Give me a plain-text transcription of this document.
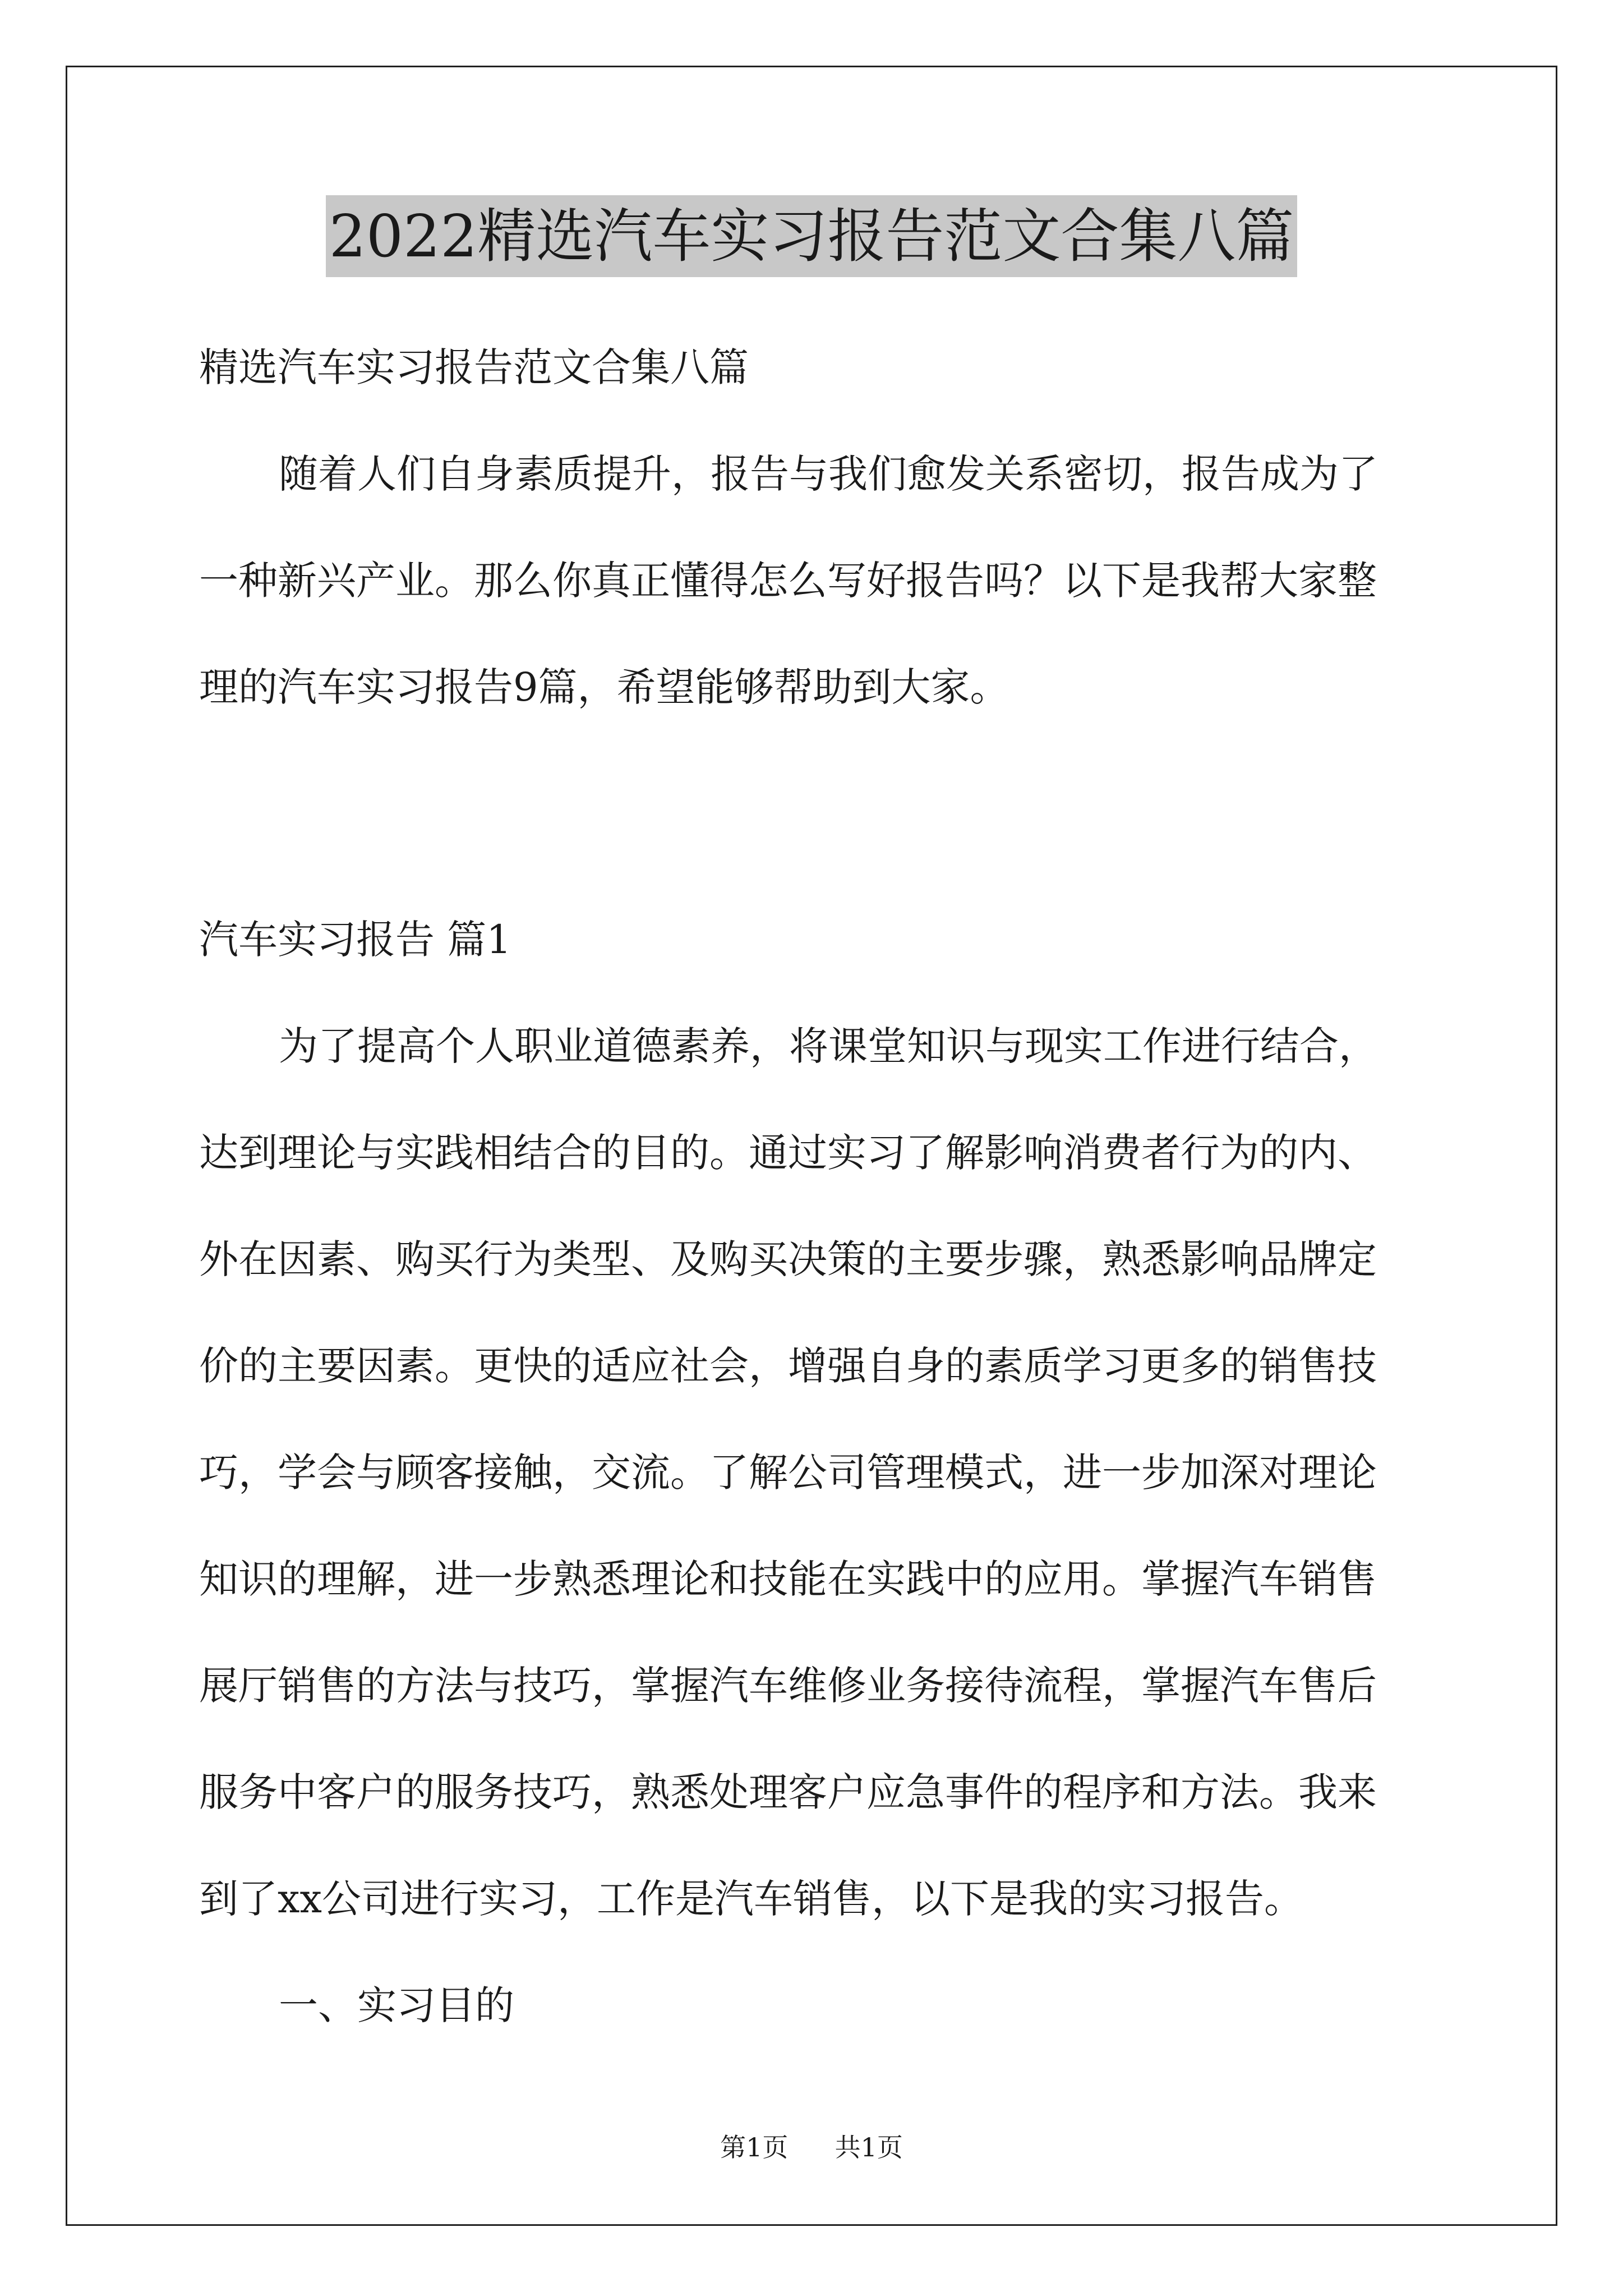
2022精选汽车实习报告范文合集八篇
精选汽车实习报告范文合集八篇
随着人们自身素质提升，报告与我们愈发关系密切，报告成为了
一种新兴产业。那么你真正懂得怎么写好报告吗？以下是我帮大家整
理的汽车实习报告9篇，希望能够帮助到大家。
汽车实习报告 篇1
为了提高个人职业道德素养，将课堂知识与现实工作进行结合，
达到理论与实践相结合的目的。通过实习了解影响消费者行为的内、
外在因素、购买行为类型、及购买决策的主要步骤，熟悉影响品牌定
价的主要因素。更快的适应社会，增强自身的素质学习更多的销售技
巧，学会与顾客接触，交流。了解公司管理模式，进一步加深对理论
知识的理解，进一步熟悉理论和技能在实践中的应用。掌握汽车销售
展厅销售的方法与技巧，掌握汽车维修业务接待流程，掌握汽车售后
服务中客户的服务技巧，熟悉处理客户应急事件的程序和方法。我来
到了xx公司进行实习，工作是汽车销售，以下是我的实习报告。
一、实习目的
第1页 共1页
